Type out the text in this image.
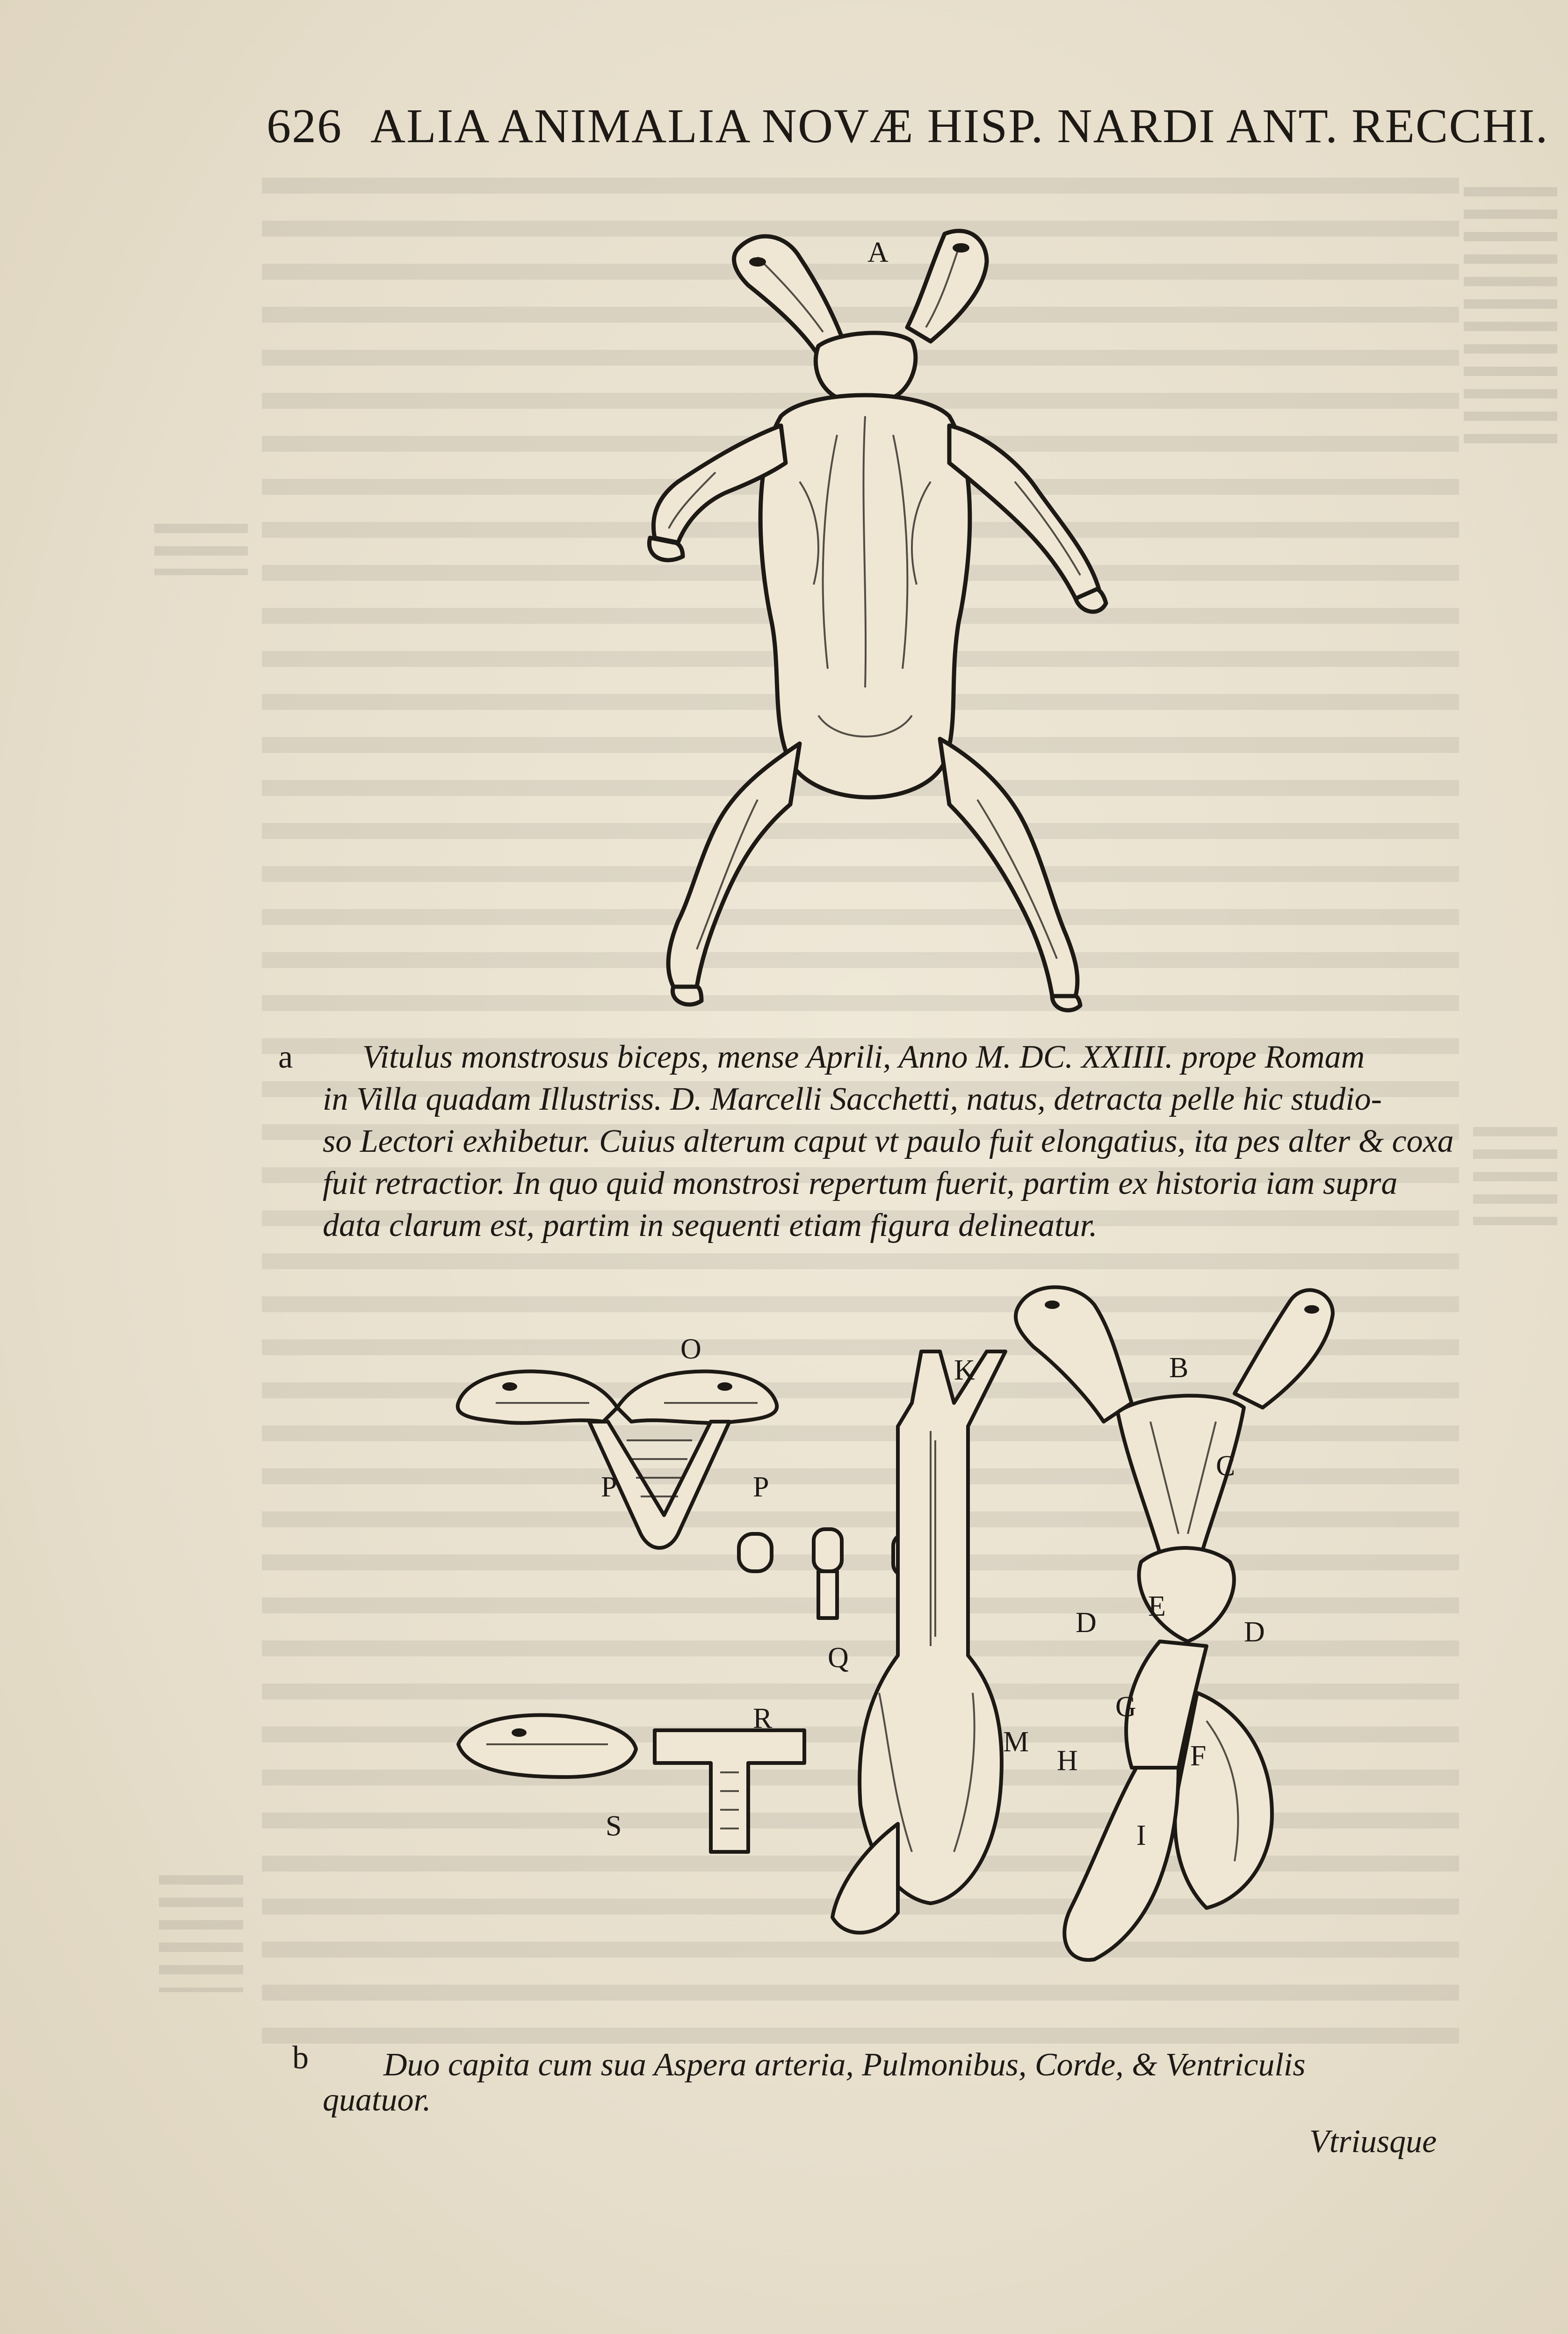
626 ALIA ANIMALIA NOVÆ HISP. NARDI ANT. RECCHI.
A
a Vitulus monstrosus biceps, mense Aprili, Anno M. DC. XXIIII. prope Romam
in Villa quadam Illustriss. D. Marcelli Sacchetti, natus, detracta pelle hic studio-
so Lectori exhibetur. Cuius alterum caput vt paulo fuit elongatius, ita pes alter & coxa
fuit retractior. In quo quid monstrosi repertum fuerit, partim ex historia iam supra
data clarum est, partim in sequenti etiam figura delineatur.
O
P	P
Q
R
S
K
M
H
B
C
D
E
D
G
F
I
b Duo capita cum sua Aspera arteria, Pulmonibus, Corde, & Ventriculis
quatuor.
Vtriusque
